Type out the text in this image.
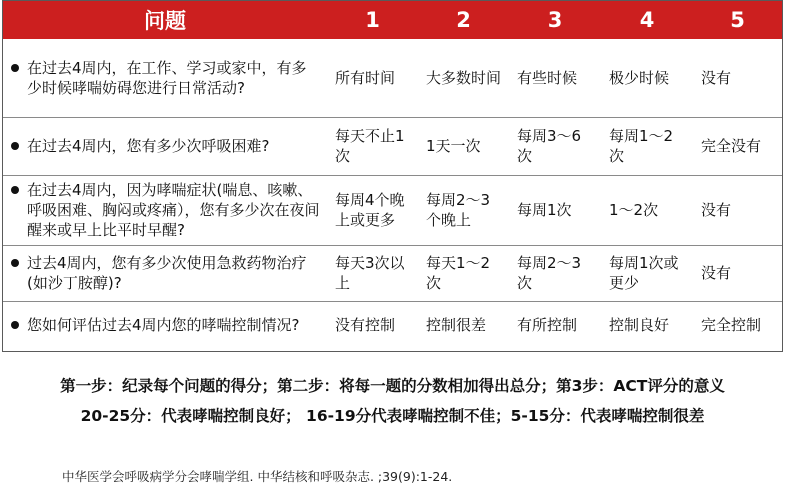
问题	1	2	3	4	5

在过去4周内，在工作、学习或家中，有多少时候哮喘妨碍您进行日常活动?	所有时间	大多数时间	有些时候	极少时候	没有

在过去4周内，您有多少次呼吸困难?	每天不止1次	1天一次	每周3～6次	每周1～2次	完全没有

在过去4周内，因为哮喘症状(喘息、咳嗽、呼吸困难、胸闷或疼痛），您有多少次在夜间醒来或早上比平时早醒?	每周4个晚上或更多	每周2～3个晚上	每周1次	1～2次	没有

过去4周内，您有多少次使用急救药物治疗 (如沙丁胺醇)?	每天3次以上	每天1～2次	每周2～3次	每周1次或更少	没有

您如何评估过去4周内您的哮喘控制情况?	没有控制	控制很差	有所控制	控制良好	完全控制
第一步：纪录每个问题的得分；第二步：将每一题的分数相加得出总分；第3步：ACT评分的意义
20-25分：代表哮喘控制良好； 16-19分代表哮喘控制不佳；5-15分：代表哮喘控制很差
中华医学会呼吸病学分会哮喘学组. 中华结核和呼吸杂志. ;39(9):1-24.
